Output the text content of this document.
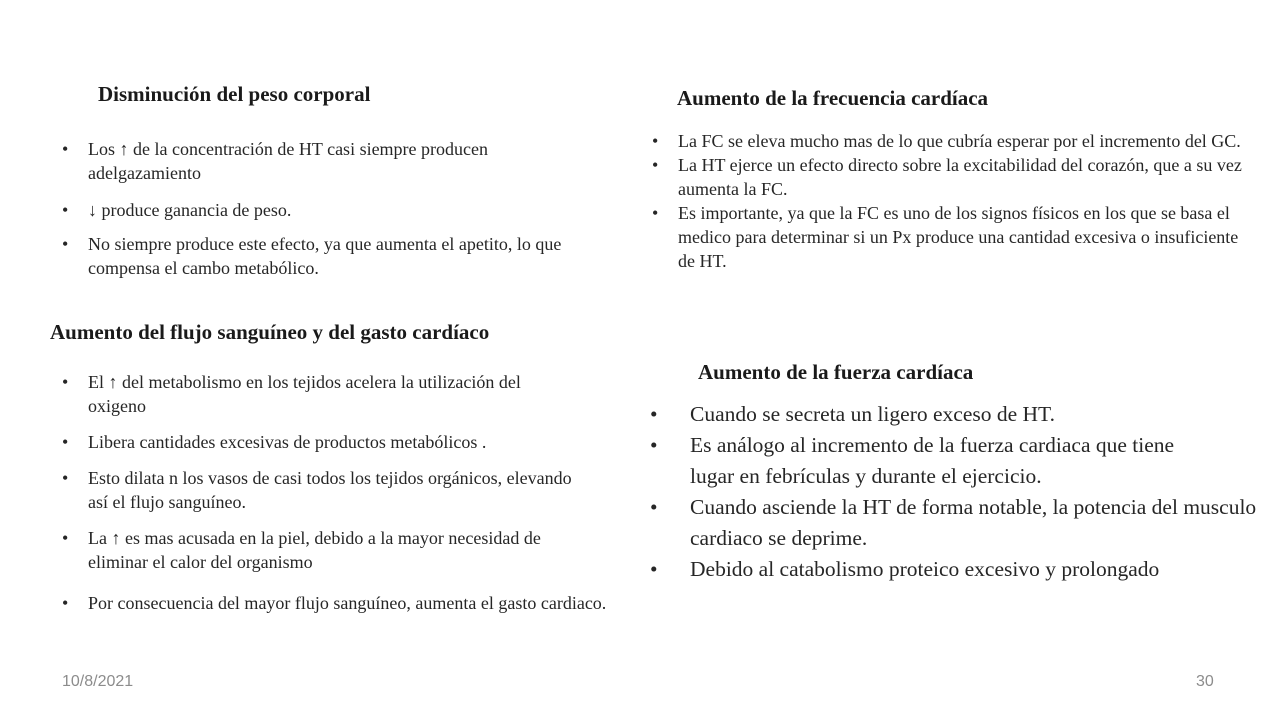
Disminución del peso corporal
• Los ↑ de la concentración de HT casi siempre producen adelgazamiento
• ↓ produce ganancia de peso.
• No siempre produce este efecto, ya que aumenta el apetito, lo que compensa el cambo metabólico.
Aumento del flujo sanguíneo y del gasto cardíaco
• El ↑ del metabolismo en los tejidos acelera la utilización del oxigeno
• Libera cantidades excesivas de productos metabólicos .
• Esto dilata n los vasos de casi todos los tejidos orgánicos, elevando así el flujo sanguíneo.
• La ↑ es mas acusada en la piel, debido a la mayor necesidad de eliminar el calor del organismo
• Por consecuencia del mayor flujo sanguíneo, aumenta el gasto cardiaco.
Aumento de la frecuencia cardíaca
• La FC se eleva mucho mas de lo que cubría esperar por el incremento del GC.
• La HT ejerce un efecto directo sobre la excitabilidad del corazón, que a su vez aumenta la FC.
• Es importante, ya que la FC es uno de los signos físicos en los que se basa el medico para determinar si un Px produce una cantidad excesiva o insuficiente de HT.
Aumento de la fuerza cardíaca
• Cuando se secreta un ligero exceso de HT.
• Es análogo al incremento de la fuerza cardiaca que tiene lugar en febrículas y durante el ejercicio.
• Cuando asciende la HT de forma notable, la potencia del musculo cardiaco se deprime.
• Debido al catabolismo proteico excesivo y prolongado
10/8/2021	30
